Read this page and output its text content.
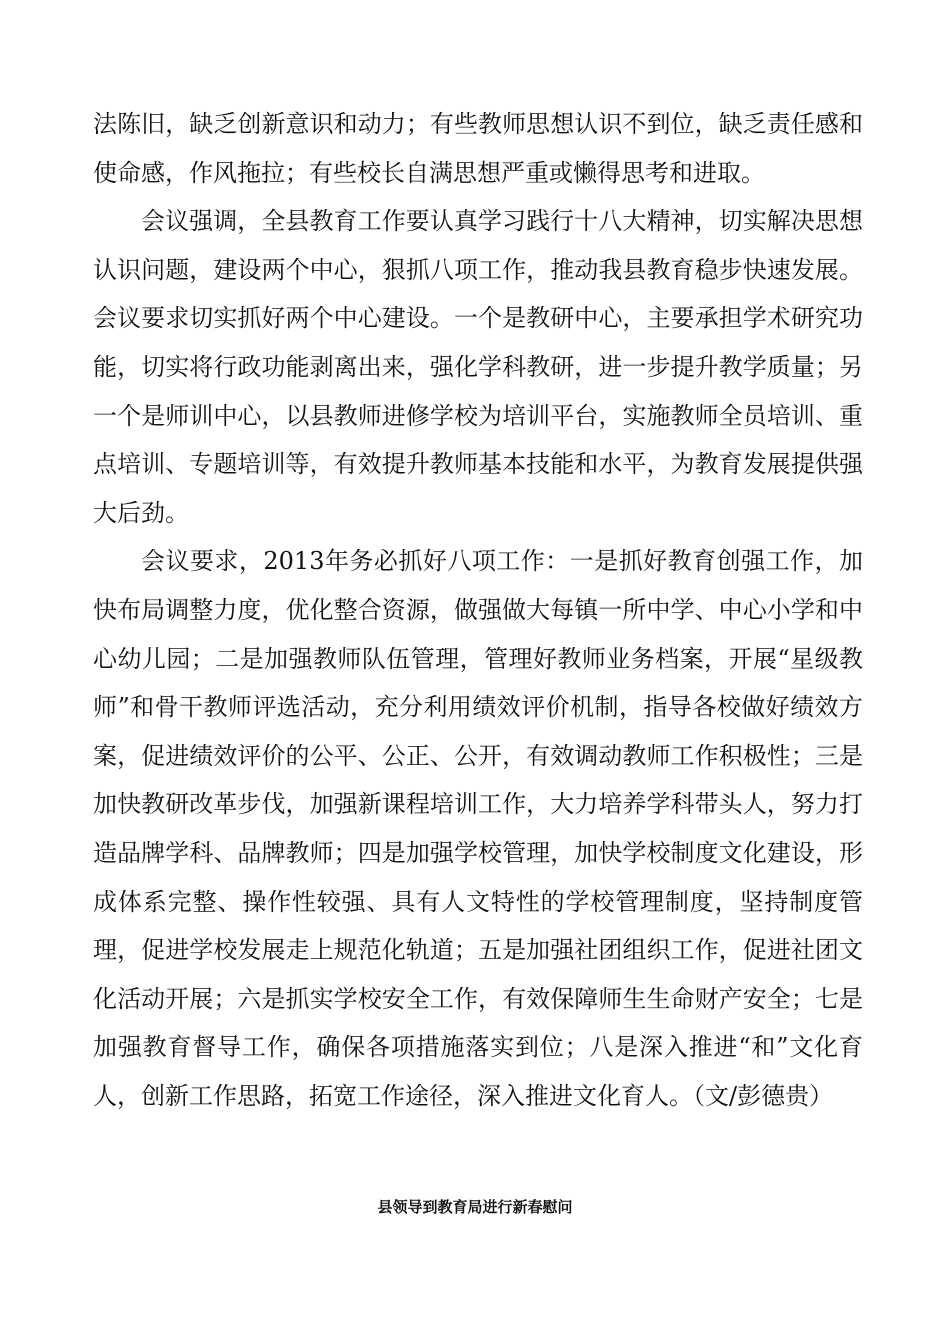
法陈旧，缺乏创新意识和动力；有些教师思想认识不到位，缺乏责任感和使命感，作风拖拉；有些校长自满思想严重或懒得思考和进取。

会议强调，全县教育工作要认真学习践行十八大精神，切实解决思想认识问题，建设两个中心，狠抓八项工作，推动我县教育稳步快速发展。会议要求切实抓好两个中心建设。一个是教研中心，主要承担学术研究功能，切实将行政功能剥离出来，强化学科教研，进一步提升教学质量；另一个是师训中心，以县教师进修学校为培训平台，实施教师全员培训、重点培训、专题培训等，有效提升教师基本技能和水平，为教育发展提供强大后劲。

会议要求，2013年务必抓好八项工作：一是抓好教育创强工作，加快布局调整力度，优化整合资源，做强做大每镇一所中学、中心小学和中心幼儿园；二是加强教师队伍管理，管理好教师业务档案，开展“星级教师”和骨干教师评选活动，充分利用绩效评价机制，指导各校做好绩效方案，促进绩效评价的公平、公正、公开，有效调动教师工作积极性；三是加快教研改革步伐，加强新课程培训工作，大力培养学科带头人，努力打造品牌学科、品牌教师；四是加强学校管理，加快学校制度文化建设，形成体系完整、操作性较强、具有人文特性的学校管理制度，坚持制度管理，促进学校发展走上规范化轨道；五是加强社团组织工作，促进社团文化活动开展；六是抓实学校安全工作，有效保障师生生命财产安全；七是加强教育督导工作，确保各项措施落实到位；八是深入推进“和”文化育人，创新工作思路，拓宽工作途径，深入推进文化育人。（文/彭德贵）

县领导到教育局进行新春慰问
